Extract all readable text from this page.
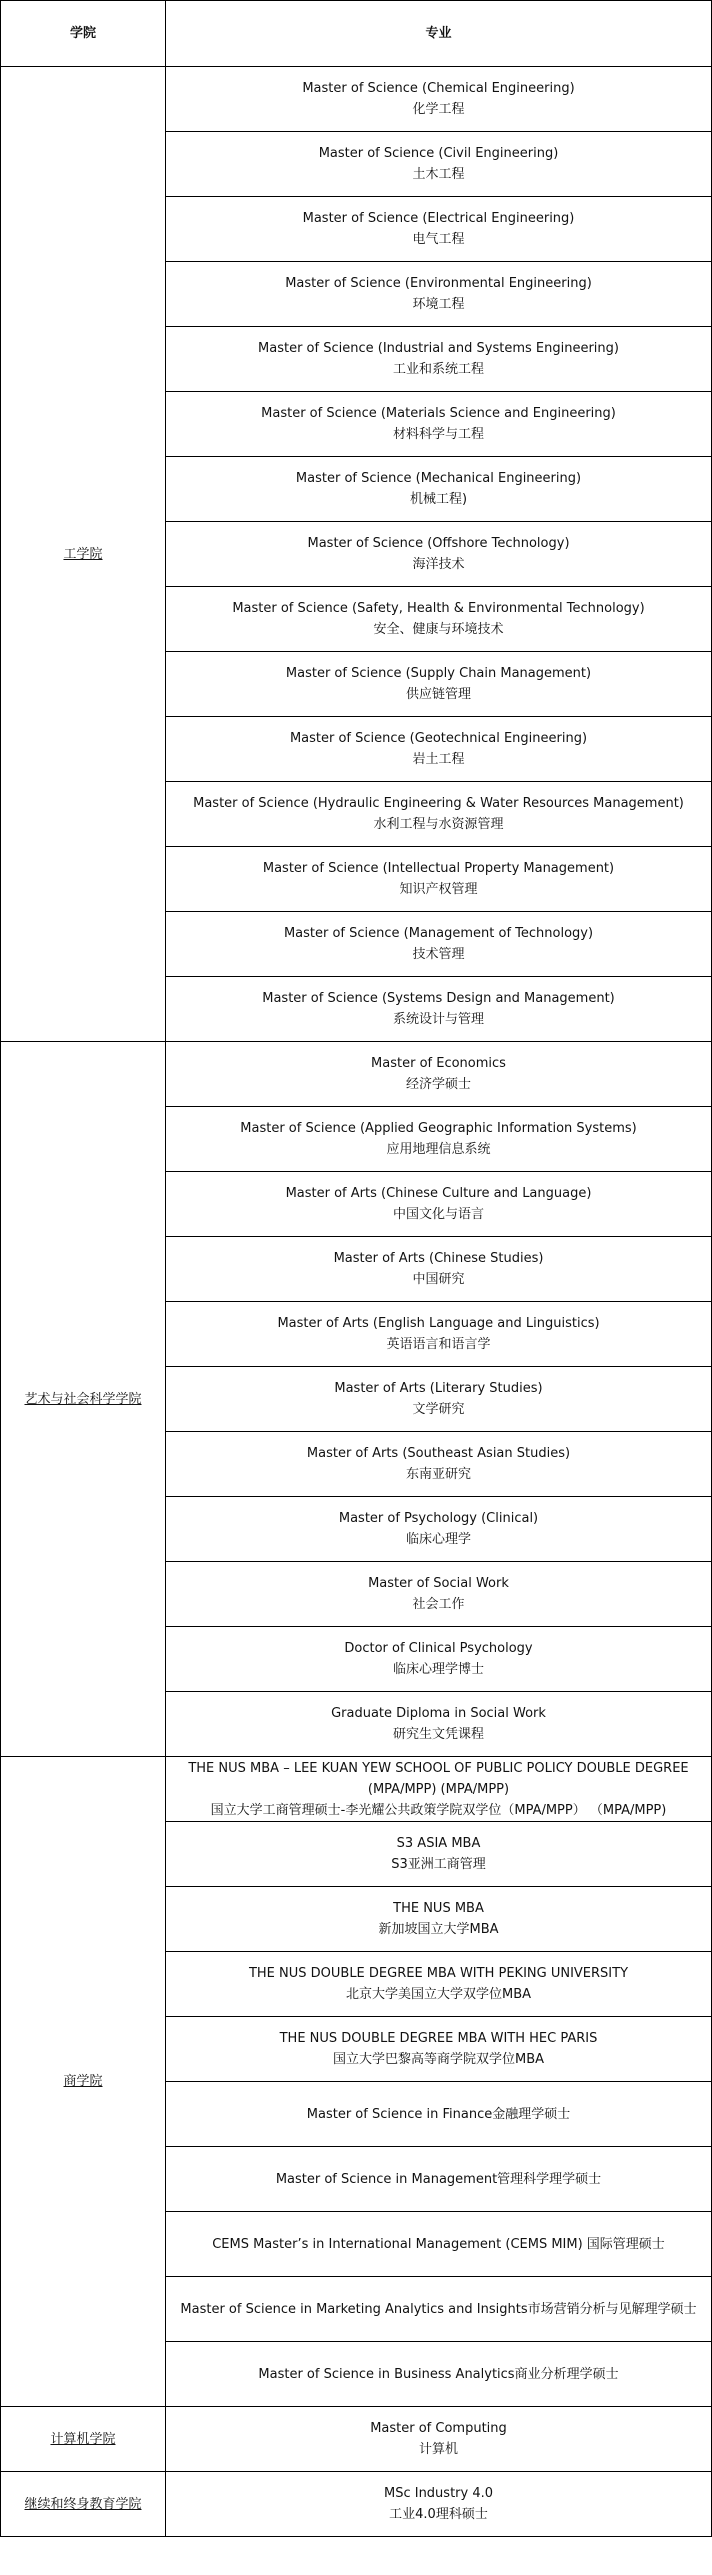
学院	专业
工学院	Master of Science (Chemical Engineering)
化学工程

	Master of Science (Civil Engineering)
土木工程

	Master of Science (Electrical Engineering)
电气工程

	Master of Science (Environmental Engineering)
环境工程

	Master of Science (Industrial and Systems Engineering)
工业和系统工程

	Master of Science (Materials Science and Engineering)
材料科学与工程

	Master of Science (Mechanical Engineering)
机械工程)

	Master of Science (Offshore Technology)
海洋技术

	Master of Science (Safety, Health & Environmental Technology)
安全、健康与环境技术

	Master of Science (Supply Chain Management)
供应链管理

	Master of Science (Geotechnical Engineering)
岩土工程

	Master of Science (Hydraulic Engineering & Water Resources Management)
水利工程与水资源管理

	Master of Science (Intellectual Property Management)
知识产权管理

	Master of Science (Management of Technology)
技术管理

	Master of Science (Systems Design and Management)
系统设计与管理

艺术与社会科学学院	Master of Economics
经济学硕士

	Master of Science (Applied Geographic Information Systems)
应用地理信息系统

	Master of Arts (Chinese Culture and Language)
中国文化与语言

	Master of Arts (Chinese Studies)
中国研究

	Master of Arts (English Language and Linguistics)
英语语言和语言学

	Master of Arts (Literary Studies)
文学研究

	Master of Arts (Southeast Asian Studies)
东南亚研究

	Master of Psychology (Clinical)
临床心理学

	Master of Social Work
社会工作

	Doctor of Clinical Psychology
临床心理学博士

	Graduate Diploma in Social Work
研究生文凭课程

商学院	THE NUS MBA – LEE KUAN YEW SCHOOL OF PUBLIC POLICY DOUBLE DEGREE (MPA/MPP) (MPA/MPP)
国立大学工商管理硕士-李光耀公共政策学院双学位（MPA/MPP） （MPA/MPP)

	S3 ASIA MBA
S3亚洲工商管理

	THE NUS MBA
新加坡国立大学MBA

	THE NUS DOUBLE DEGREE MBA WITH PEKING UNIVERSITY
北京大学美国立大学双学位MBA

	THE NUS DOUBLE DEGREE MBA WITH HEC PARIS
国立大学巴黎高等商学院双学位MBA

	Master of Science in Finance金融理学硕士

	Master of Science in Management管理科学理学硕士

	CEMS Master’s in International Management (CEMS MIM) 国际管理硕士

	Master of Science in Marketing Analytics and Insights市场营销分析与见解理学硕士

	Master of Science in Business Analytics商业分析理学硕士

计算机学院	Master of Computing
计算机

继续和终身教育学院	MSc Industry 4.0
工业4.0理科硕士
